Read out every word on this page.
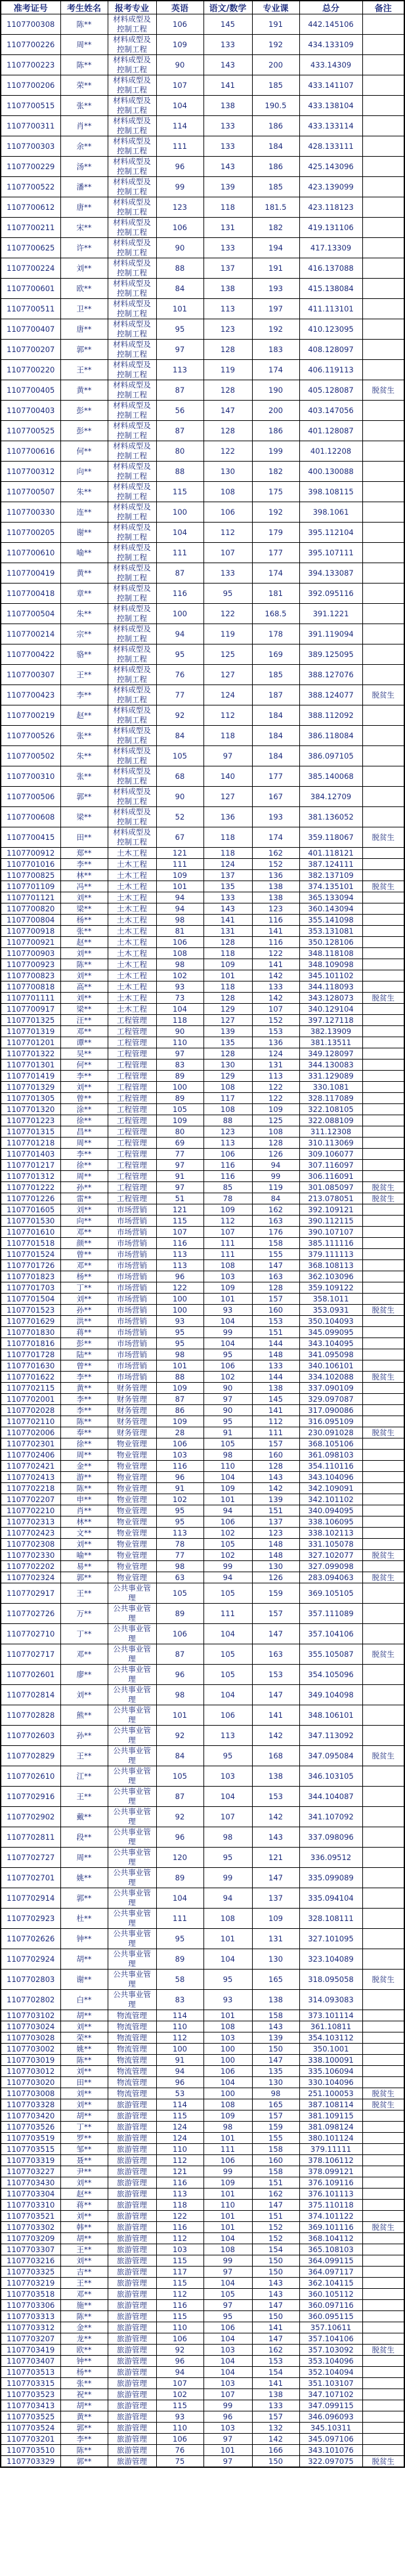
准考证号	考生姓名	报考专业	英语	语文/数学	专业课	总分	备注
1107700308	陈**	材料成型及控制工程	106	145	191	442.145106	
1107700226	周**	材料成型及控制工程	109	133	192	434.133109	
1107700223	陈**	材料成型及控制工程	90	143	200	433.14309	
1107700206	荣**	材料成型及控制工程	107	141	185	433.141107	
1107700515	张**	材料成型及控制工程	104	138	190.5	433.138104	
1107700311	肖**	材料成型及控制工程	114	133	186	433.133114	
1107700303	余**	材料成型及控制工程	111	133	184	428.133111	
1107700229	汤**	材料成型及控制工程	96	143	186	425.143096	
1107700522	潘**	材料成型及控制工程	99	139	185	423.139099	
1107700612	唐**	材料成型及控制工程	123	118	181.5	423.118123	
1107700211	宋**	材料成型及控制工程	106	131	182	419.131106	
1107700625	许**	材料成型及控制工程	90	133	194	417.13309	
1107700224	刘**	材料成型及控制工程	88	137	191	416.137088	
1107700601	欧**	材料成型及控制工程	84	138	193	415.138084	
1107700511	卫**	材料成型及控制工程	101	113	197	411.113101	
1107700407	唐**	材料成型及控制工程	95	123	192	410.123095	
1107700207	郭**	材料成型及控制工程	97	128	183	408.128097	
1107700220	王**	材料成型及控制工程	113	119	174	406.119113	
1107700405	黄**	材料成型及控制工程	87	128	190	405.128087	脱贫生
1107700403	彭**	材料成型及控制工程	56	147	200	403.147056	
1107700525	彭**	材料成型及控制工程	87	128	186	401.128087	
1107700616	何**	材料成型及控制工程	80	122	199	401.12208	
1107700312	向**	材料成型及控制工程	88	130	182	400.130088	
1107700507	朱**	材料成型及控制工程	115	108	175	398.108115	
1107700330	连**	材料成型及控制工程	100	106	192	398.1061	
1107700205	谢**	材料成型及控制工程	104	112	179	395.112104	
1107700610	喻**	材料成型及控制工程	111	107	177	395.107111	
1107700419	黄**	材料成型及控制工程	87	133	174	394.133087	
1107700418	章**	材料成型及控制工程	116	95	181	392.095116	
1107700504	朱**	材料成型及控制工程	100	122	168.5	391.1221	
1107700214	宗**	材料成型及控制工程	94	119	178	391.119094	
1107700422	骆**	材料成型及控制工程	95	125	169	389.125095	
1107700307	王**	材料成型及控制工程	76	127	185	388.127076	
1107700423	李**	材料成型及控制工程	77	124	187	388.124077	脱贫生
1107700219	赵**	材料成型及控制工程	92	112	184	388.112092	
1107700526	张**	材料成型及控制工程	84	118	184	386.118084	
1107700502	朱**	材料成型及控制工程	105	97	184	386.097105	
1107700310	张**	材料成型及控制工程	68	140	177	385.140068	
1107700506	郭**	材料成型及控制工程	90	127	167	384.12709	
1107700608	梁**	材料成型及控制工程	52	136	193	381.136052	
1107700415	田**	材料成型及控制工程	67	118	174	359.118067	脱贫生
1107700912	郑**	土木工程	121	118	162	401.118121	
1107701016	李**	土木工程	111	124	152	387.124111	
1107700825	林**	土木工程	109	137	136	382.137109	
1107701109	冯**	土木工程	101	135	138	374.135101	脱贫生
1107701121	刘**	土木工程	94	133	138	365.133094	
1107700820	梁**	土木工程	94	143	123	360.143094	
1107700804	杨**	土木工程	98	141	116	355.141098	
1107700918	张**	土木工程	81	131	141	353.131081	
1107700921	赵**	土木工程	106	128	116	350.128106	
1107700903	刘**	土木工程	108	118	122	348.118108	
1107700923	陈**	土木工程	98	109	141	348.109098	
1107700823	刘**	土木工程	102	101	142	345.101102	
1107700818	高**	土木工程	93	118	133	344.118093	
1107701111	刘**	土木工程	73	128	142	343.128073	脱贫生
1107700917	梁**	土木工程	104	129	107	340.129104	
1107701325	汪**	工程管理	118	127	152	397.127118	
1107701319	邓**	工程管理	90	139	153	382.13909	
1107701201	谭**	工程管理	110	135	136	381.13511	
1107701322	吴**	工程管理	97	128	124	349.128097	
1107701301	何**	工程管理	83	130	131	344.130083	
1107701419	李**	工程管理	89	129	113	331.129089	
1107701329	刘**	工程管理	100	108	122	330.1081	
1107701305	曾**	工程管理	89	117	122	328.117089	
1107701320	涂**	工程管理	105	108	109	322.108105	
1107701223	徐**	工程管理	109	88	125	322.088109	
1107701315	昌**	工程管理	80	123	108	311.12308	
1107701218	周**	工程管理	69	113	128	310.113069	
1107701403	李**	工程管理	77	106	126	309.106077	
1107701217	徐**	工程管理	97	116	94	307.116097	
1107701312	周**	工程管理	91	116	99	306.116091	
1107701222	孙**	工程管理	97	85	119	301.085097	脱贫生
1107701226	雷**	工程管理	51	78	84	213.078051	脱贫生
1107701605	刘**	市场营销	121	109	162	392.109121	
1107701530	向**	市场营销	115	112	163	390.112115	
1107701610	邓**	市场营销	107	107	176	390.107107	
1107701518	颜**	市场营销	116	111	158	385.111116	
1107701524	曾**	市场营销	113	111	155	379.111113	
1107701726	邓**	市场营销	113	108	147	368.108113	
1107701823	杨**	市场营销	96	103	163	362.103096	
1107701703	丁**	市场营销	122	109	128	359.109122	
1107701504	刘**	市场营销	100	101	157	358.1011	
1107701523	孙**	市场营销	100	93	160	353.0931	脱贫生
1107701629	洪**	市场营销	93	104	153	350.104093	
1107701830	蒋**	市场营销	95	99	151	345.099095	
1107701816	彭**	市场营销	95	104	144	343.104095	
1107701728	陆**	市场营销	98	95	148	341.095098	
1107701630	曾**	市场营销	101	106	133	340.106101	
1107701622	李**	市场营销	88	102	144	334.102088	脱贫生
1107702115	黄**	财务管理	109	90	138	337.090109	
1107702001	李**	财务管理	87	97	145	329.097087	
1107702028	李**	财务管理	86	90	141	317.090086	
1107702110	陈**	财务管理	109	95	112	316.095109	
1107702006	奉**	财务管理	28	91	111	230.091028	脱贫生
1107702301	徐**	物业管理	106	105	157	368.105106	
1107702406	周**	物业管理	103	98	160	361.098103	
1107702421	金**	物业管理	116	110	128	354.110116	
1107702413	游**	物业管理	96	104	143	343.104096	
1107702218	陈**	物业管理	91	109	142	342.109091	
1107702207	申**	物业管理	102	101	139	342.101102	
1107702210	肖**	物业管理	95	94	151	340.094095	
1107702313	林**	物业管理	95	106	137	338.106095	
1107702423	文**	物业管理	113	102	123	338.102113	
1107702308	刘**	物业管理	78	105	148	331.105078	
1107702330	喻**	物业管理	77	102	148	327.102077	脱贫生
1107702202	易**	物业管理	98	99	130	327.099098	
1107702324	郭**	物业管理	63	94	126	283.094063	脱贫生
1107702917	王**	公共事业管理	105	105	159	369.105105	
1107702726	万**	公共事业管理	89	111	157	357.111089	
1107702710	丁**	公共事业管理	106	104	147	357.104106	
1107702717	邓**	公共事业管理	87	105	163	355.105087	脱贫生
1107702601	廖**	公共事业管理	96	105	153	354.105096	
1107702814	刘**	公共事业管理	98	104	147	349.104098	
1107702828	熊**	公共事业管理	101	106	141	348.106101	
1107702603	孙**	公共事业管理	92	113	142	347.113092	
1107702829	王**	公共事业管理	84	95	168	347.095084	脱贫生
1107702610	江**	公共事业管理	105	103	138	346.103105	
1107702916	王**	公共事业管理	87	104	153	344.104087	
1107702902	戴**	公共事业管理	92	107	142	341.107092	
1107702811	段**	公共事业管理	96	98	143	337.098096	
1107702727	周**	公共事业管理	120	95	121	336.09512	
1107702701	姚**	公共事业管理	89	99	147	335.099089	
1107702914	郭**	公共事业管理	104	94	137	335.094104	
1107702923	杜**	公共事业管理	111	108	109	328.108111	
1107702626	钟**	公共事业管理	95	101	131	327.101095	
1107702924	胡**	公共事业管理	89	104	130	323.104089	
1107702803	谢**	公共事业管理	58	95	165	318.095058	脱贫生
1107702802	白**	公共事业管理	83	93	138	314.093083	
1107703102	胡**	物流管理	114	101	158	373.101114	
1107703024	刘**	物流管理	110	108	143	361.10811	
1107703028	荣**	物流管理	112	103	139	354.103112	
1107703002	姚**	物流管理	100	100	150	350.1001	
1107703019	陈**	物流管理	91	100	147	338.100091	
1107703012	刘**	物流管理	94	106	135	335.106094	
1107703020	田**	物流管理	96	104	130	330.104096	
1107703008	刘**	物流管理	53	100	98	251.100053	脱贫生
1107703328	刘**	旅游管理	114	108	165	387.108114	脱贫生
1107703420	胡**	旅游管理	115	109	157	381.109115	
1107703526	丁**	旅游管理	124	98	159	381.098124	
1107703519	罗**	旅游管理	124	101	155	380.101124	
1107703515	邹**	旅游管理	110	111	158	379.11111	
1107703319	聂**	旅游管理	112	106	160	378.106112	
1107703227	尹**	旅游管理	121	99	158	378.099121	
1107703430	刘**	旅游管理	116	109	151	376.109116	
1107703304	赵**	旅游管理	113	101	162	376.101113	
1107703310	蒋**	旅游管理	118	110	147	375.110118	
1107703521	刘**	旅游管理	122	101	151	374.101122	
1107703302	韩**	旅游管理	116	101	152	369.101116	脱贫生
1107703209	胡**	旅游管理	112	104	152	368.104112	
1107703307	王**	旅游管理	103	108	154	365.108103	
1107703216	刘**	旅游管理	115	99	150	364.099115	
1107703325	吉**	旅游管理	117	97	150	364.097117	
1107703219	王**	旅游管理	115	104	143	362.104115	
1107703518	邓**	旅游管理	112	105	143	360.105112	
1107703306	施**	旅游管理	116	97	147	360.097116	
1107703313	陈**	旅游管理	115	95	150	360.095115	
1107703312	金**	旅游管理	110	106	141	357.10611	
1107703207	龙**	旅游管理	106	104	147	357.104106	
1107703419	欧**	旅游管理	92	103	162	357.103092	脱贫生
1107703407	钟**	旅游管理	96	104	153	353.104096	
1107703513	杨**	旅游管理	94	104	154	352.104094	
1107703315	张**	旅游管理	107	103	141	351.103107	
1107703523	祝**	旅游管理	102	107	138	347.107102	
1107703413	胡**	旅游管理	115	99	133	347.099115	
1107703525	黄**	旅游管理	93	96	157	346.096093	
1107703524	郭**	旅游管理	110	103	132	345.10311	
1107703201	李**	旅游管理	106	97	142	345.097106	
1107703510	陈**	旅游管理	76	101	166	343.101076	
1107703329	郭**	旅游管理	75	97	150	322.097075	脱贫生
